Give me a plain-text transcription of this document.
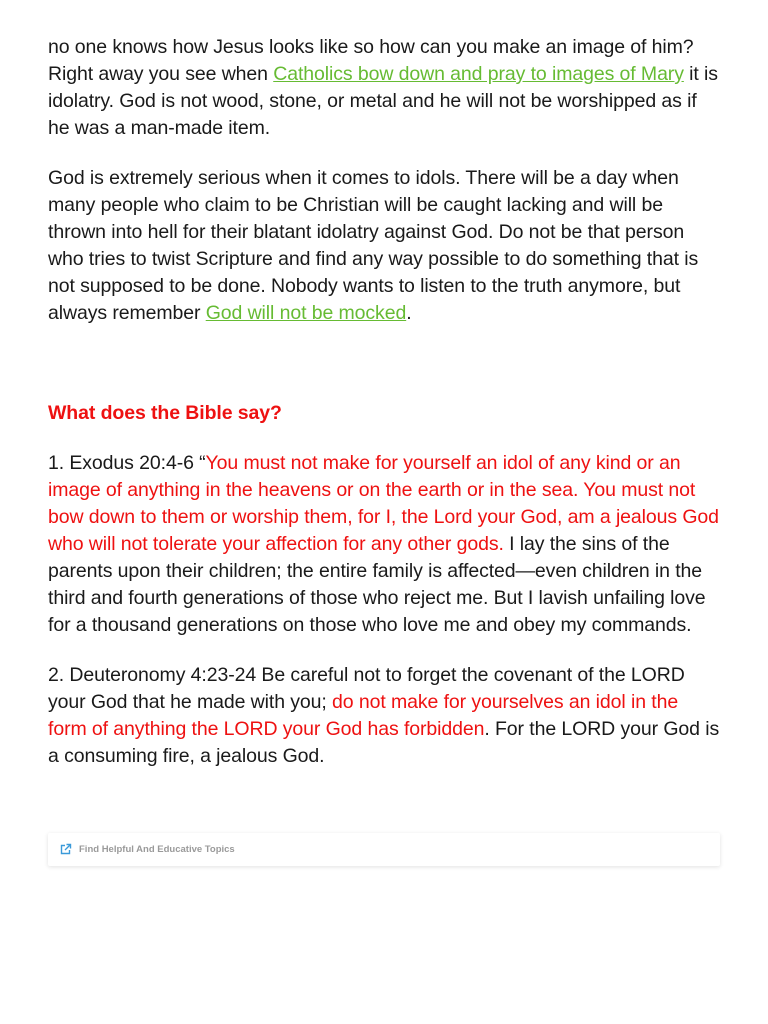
no one knows how Jesus looks like so how can you make an image of him? Right away you see when Catholics bow down and pray to images of Mary it is idolatry. God is not wood, stone, or metal and he will not be worshipped as if he was a man-made item.

God is extremely serious when it comes to idols. There will be a day when many people who claim to be Christian will be caught lacking and will be thrown into hell for their blatant idolatry against God. Do not be that person who tries to twist Scripture and find any way possible to do something that is not supposed to be done. Nobody wants to listen to the truth anymore, but always remember God will not be mocked.

What does the Bible say?

1. Exodus 20:4-6 “You must not make for yourself an idol of any kind or an image of anything in the heavens or on the earth or in the sea. You must not bow down to them or worship them, for I, the Lord your God, am a jealous God who will not tolerate your affection for any other gods. I lay the sins of the parents upon their children; the entire family is affected—even children in the third and fourth generations of those who reject me. But I lavish unfailing love for a thousand generations on those who love me and obey my commands.

2. Deuteronomy 4:23-24 Be careful not to forget the covenant of the LORD your God that he made with you; do not make for yourselves an idol in the form of anything the LORD your God has forbidden. For the LORD your God is a consuming fire, a jealous God.

Find Helpful And Educative Topics
